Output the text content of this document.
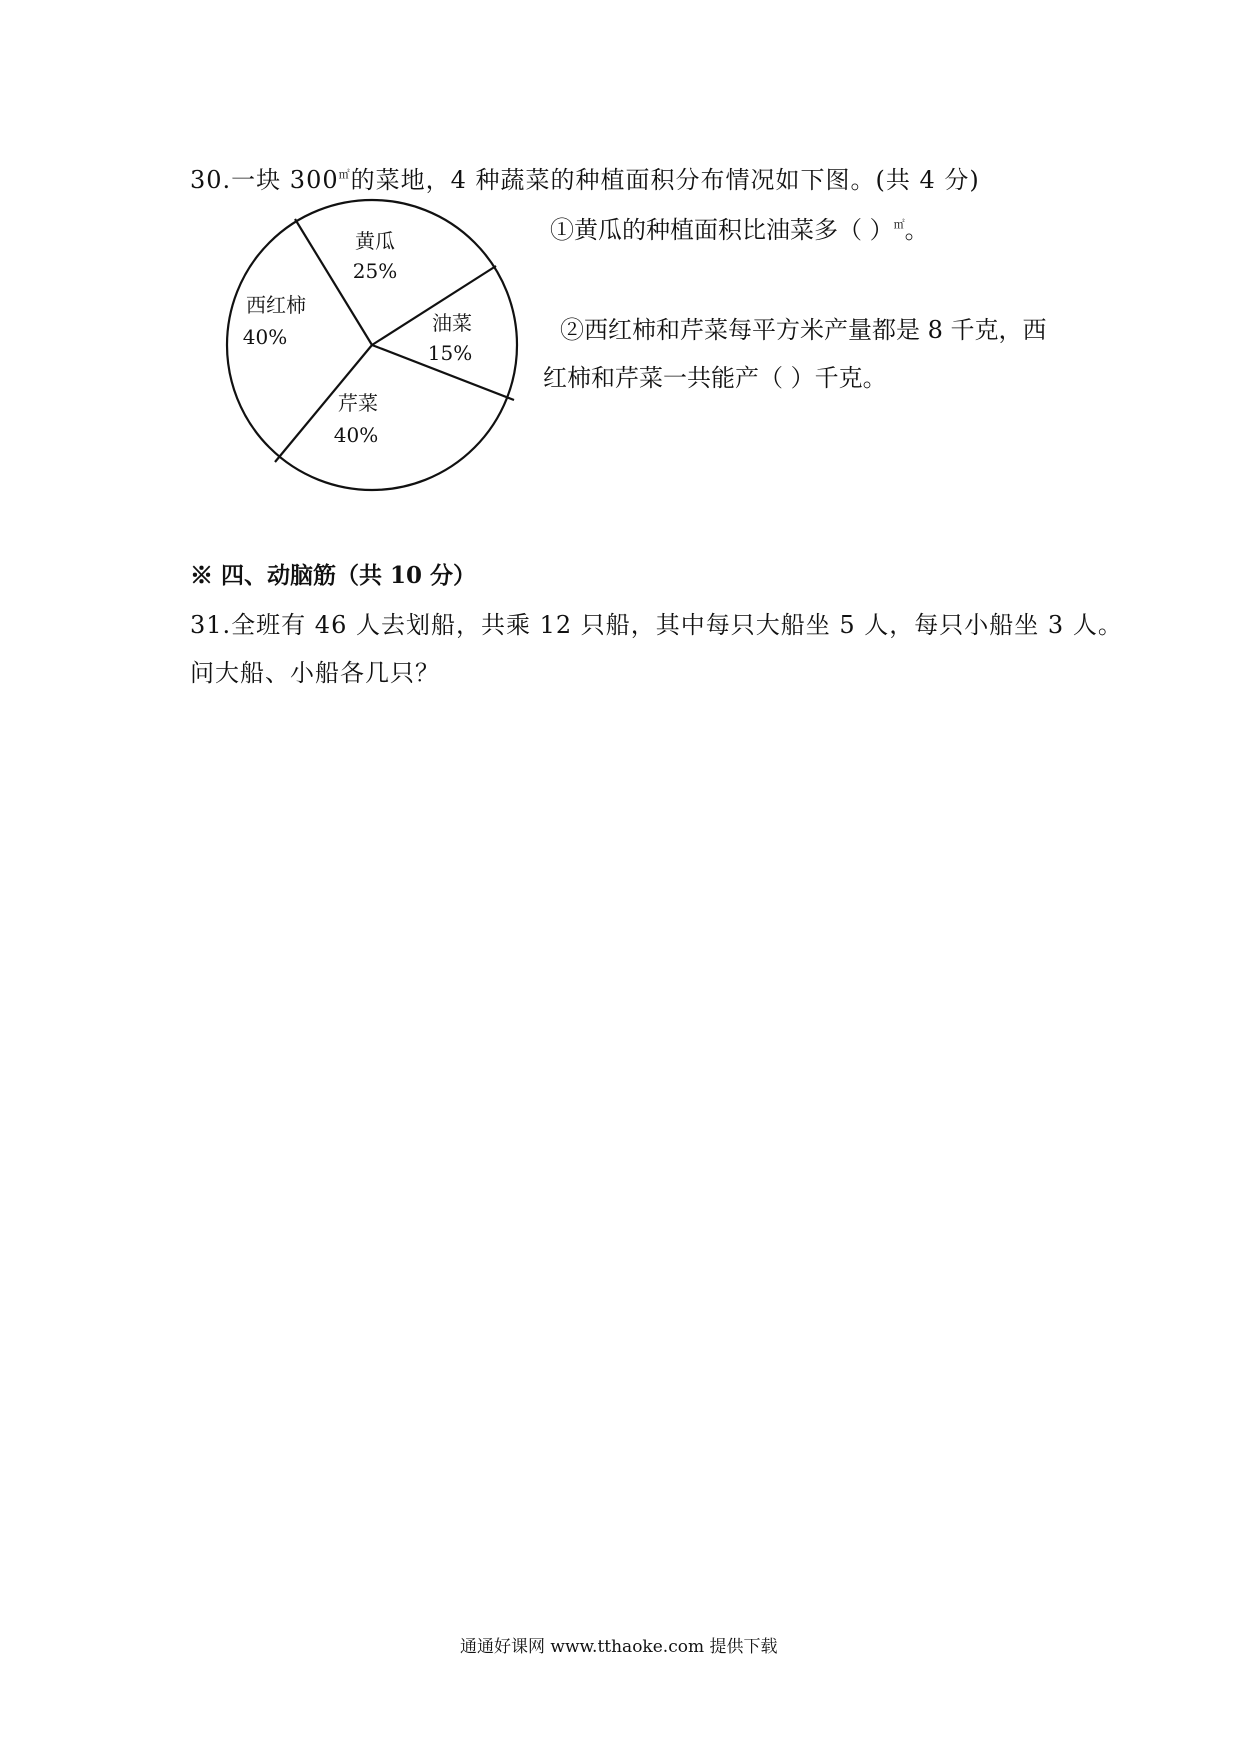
30.一块 300㎡的菜地，4 种蔬菜的种植面积分布情况如下图。(共 4 分)
黄瓜
25%
油菜
15%
芹菜
40%
西红柿
40%
①黄瓜的种植面积比油菜多（ ）㎡。
②西红柿和芹菜每平方米产量都是 8 千克，西
红柿和芹菜一共能产（ ）千克。
※ 四、动脑筋（共 10 分）
31.全班有 46 人去划船，共乘 12 只船，其中每只大船坐 5 人，每只小船坐 3 人。
问大船、小船各几只？
通通好课网 www.tthaoke.com 提供下载
